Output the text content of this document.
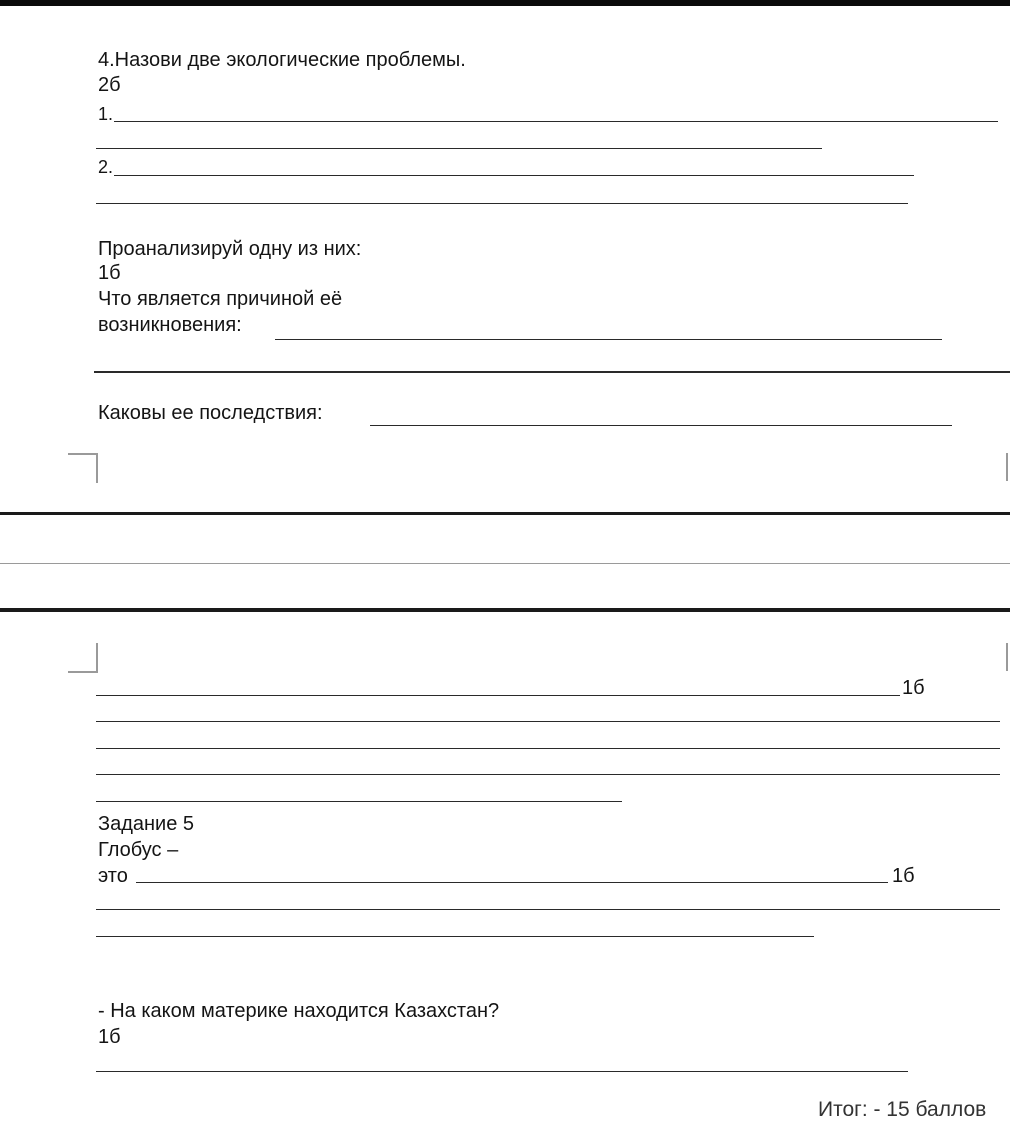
4.Назови две экологические проблемы.
2б
1.
2.
Проанализируй одну из них:
1б
Что является причиной её
возникновения:
Каковы ее последствия:
1б
Задание 5
Глобус –
это	1б
- На каком материке находится Казахстан?
1б
Итог: - 15 баллов
